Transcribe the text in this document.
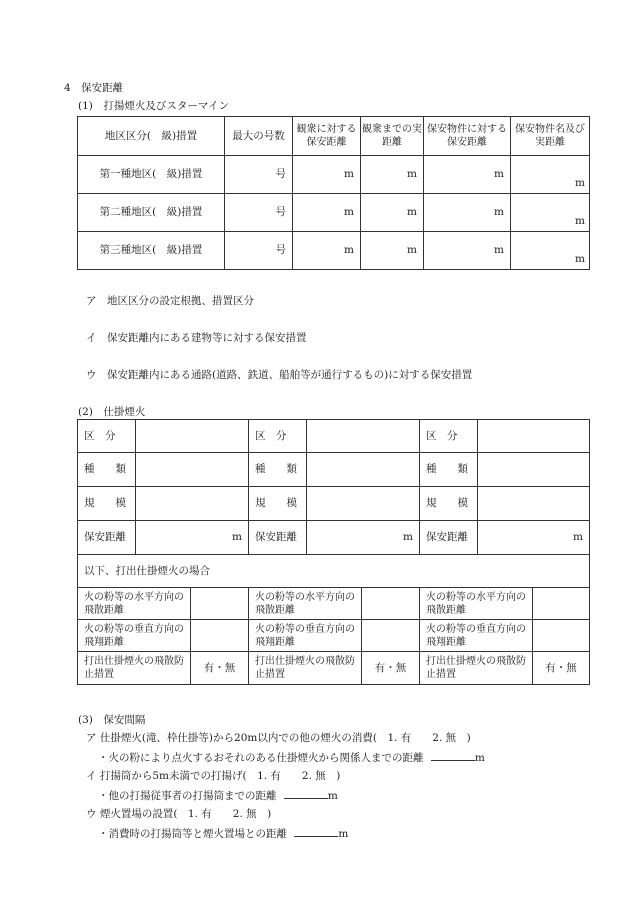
4　保安距離
(1)　打揚煙火及びスターマイン
地区区分(　級)措置	最大の号数	観衆に対する保安距離	観衆までの実距離	保安物件に対する保安距離	保安物件名及び実距離
第一種地区(　級)措置	号	m	m	m	m
第二種地区(　級)措置	号	m	m	m	m
第三種地区(　級)措置	号	m	m	m	m
ア　地区区分の設定根拠、措置区分
イ　保安距離内にある建物等に対する保安措置
ウ　保安距離内にある通路(道路、鉄道、船舶等が通行するもの)に対する保安措置
(2)　仕掛煙火
区　分			区　分			区　分		
種　　類			種　　類			種　　類		
規　　模			規　　模			規　　模		
保安距離	m		保安距離	m		保安距離	m	
以下、打出仕掛煙火の場合								
火の粉等の水平方向の飛散距離			火の粉等の水平方向の飛散距離			火の粉等の水平方向の飛散距離		
火の粉等の垂直方向の飛翔距離			火の粉等の垂直方向の飛翔距離			火の粉等の垂直方向の飛翔距離		
打出仕掛煙火の飛散防止措置		有・無	打出仕掛煙火の飛散防止措置		有・無	打出仕掛煙火の飛散防止措置		有・無
(3)　保安間隔
ア 仕掛煙火(滝、枠仕掛等)から20m以内での他の煙火の消費(　1. 有　　2. 無　)
・火の粉により点火するおそれのある仕掛煙火から関係人までの距離	m
イ 打揚筒から5m未満での打揚げ(　1. 有　　2. 無　)
・他の打揚従事者の打揚筒までの距離	m
ウ 煙火置場の設置(　1. 有　　2. 無　)
・消費時の打揚筒等と煙火置場との距離	m
